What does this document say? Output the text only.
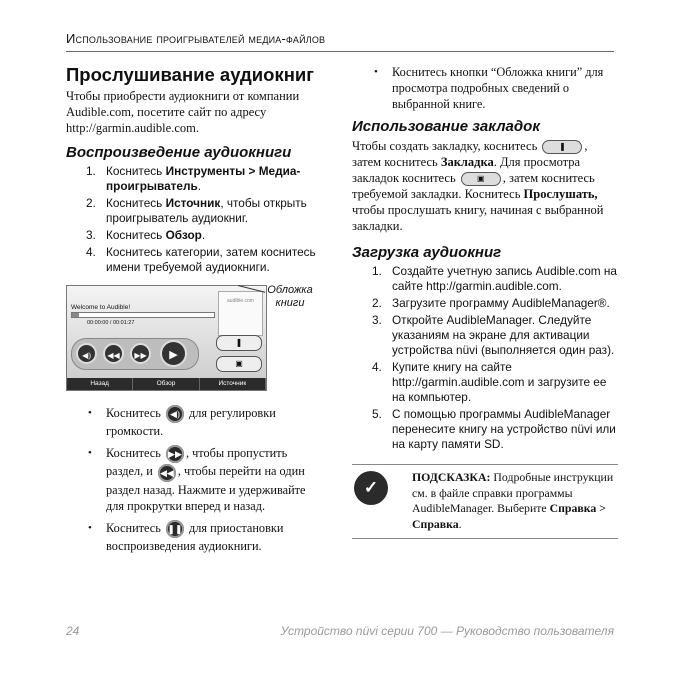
Использование проигрывателей медиа-файлов
Прослушивание аудиокниг

Чтобы приобрести аудиокниги от компании Audible.com, посетите сайт по адресу http://garmin.audible.com.

Воспроизведение аудиокниги
1. Коснитесь Инструменты > Медиа-проигрыватель.
2. Коснитесь Источник, чтобы открыть проигрыватель аудиокниг.
3. Коснитесь Обзор.
4. Коснитесь категории, затем коснитесь имени требуемой аудиокниги.
Welcome to Audible!
00:00:00 / 00:01:27
audible.com
◀)	◀◀	▶▶	▶
❚
▣
Назад	Обзор	Источник
• Коснитесь ◀) для регулировки громкости.
• Коснитесь ▶▶ , чтобы пропустить раздел, и ◀◀ , чтобы перейти на один раздел назад. Нажмите и удерживайте для прокрутки вперед и назад.
• Коснитесь ❚❚ для приостановки воспроизведения аудиокниги.
Обложка книги
• Коснитесь кнопки “Обложка книги” для просмотра подробных сведений о выбранной книге.
Использование закладок

Чтобы создать закладку, коснитесь ❚ , затем коснитесь Закладка. Для просмотра закладок коснитесь ▣ , затем коснитесь требуемой закладки. Коснитесь Прослушать, чтобы прослушать книгу, начиная с выбранной закладки.

Загрузка аудиокниг
1. Создайте учетную запись Audible.com на сайте http://garmin.audible.com.
2. Загрузите программу AudibleManager®.
3. Откройте AudibleManager. Следуйте указаниям на экране для активации устройства nüvi (выполняется один раз).
4. Купите книгу на сайте http://garmin.audible.com и загрузите ее на компьютер.
5. С помощью программы AudibleManager перенесите книгу на устройство nüvi или на карту памяти SD.
✓
ПОДСКАЗКА: Подробные инструкции см. в файле справки программы AudibleManager. Выберите Справка > Справка.
24	Устройство nüvi серии 700 — Руководство пользователя
